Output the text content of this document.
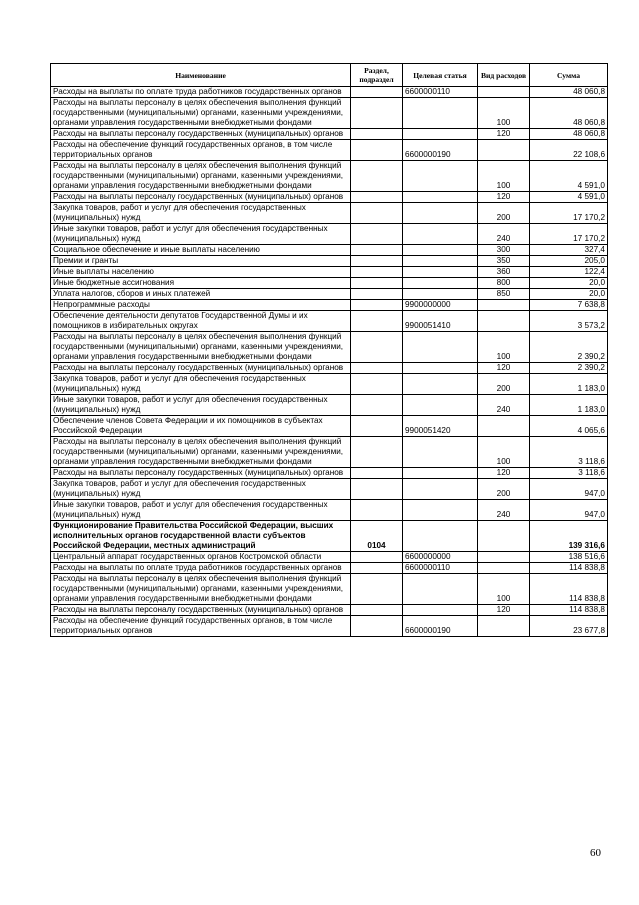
Наименование	Раздел, подраздел	Целевая статья	Вид расходов	Сумма
Расходы на выплаты по оплате труда работников государственных органов		6600000110		48 060,8
Расходы на выплаты персоналу в целях обеспечения выполнения функций государственными (муниципальными) органами, казенными учреждениями, органами управления государственными внебюджетными фондами			100	48 060,8
Расходы на выплаты персоналу государственных (муниципальных) органов			120	48 060,8
Расходы на обеспечение функций государственных органов, в том числе территориальных органов		6600000190		22 108,6
Расходы на выплаты персоналу в целях обеспечения выполнения функций государственными (муниципальными) органами, казенными учреждениями, органами управления государственными внебюджетными фондами			100	4 591,0
Расходы на выплаты персоналу государственных (муниципальных) органов			120	4 591,0
Закупка товаров, работ и услуг для обеспечения государственных (муниципальных) нужд			200	17 170,2
Иные закупки товаров, работ и услуг для обеспечения государственных (муниципальных) нужд			240	17 170,2
Социальное обеспечение и иные выплаты населению			300	327,4
Премии и гранты			350	205,0
Иные выплаты населению			360	122,4
Иные бюджетные ассигнования			800	20,0
Уплата налогов, сборов и иных платежей			850	20,0
Непрограммные расходы		9900000000		7 638,8
Обеспечение деятельности депутатов Государственной Думы и их помощников в избирательных округах		9900051410		3 573,2
Расходы на выплаты персоналу в целях обеспечения выполнения функций государственными (муниципальными) органами, казенными учреждениями, органами управления государственными внебюджетными фондами			100	2 390,2
Расходы на выплаты персоналу государственных (муниципальных) органов			120	2 390,2
Закупка товаров, работ и услуг для обеспечения государственных (муниципальных) нужд			200	1 183,0
Иные закупки товаров, работ и услуг для обеспечения государственных (муниципальных) нужд			240	1 183,0
Обеспечение членов Совета Федерации и их помощников в субъектах Российской Федерации		9900051420		4 065,6
Расходы на выплаты персоналу в целях обеспечения выполнения функций государственными (муниципальными) органами, казенными учреждениями, органами управления государственными внебюджетными фондами			100	3 118,6
Расходы на выплаты персоналу государственных (муниципальных) органов			120	3 118,6
Закупка товаров, работ и услуг для обеспечения государственных (муниципальных) нужд			200	947,0
Иные закупки товаров, работ и услуг для обеспечения государственных (муниципальных) нужд			240	947,0
Функционирование Правительства Российской Федерации, высших исполнительных органов государственной власти субъектов Российской Федерации, местных администраций	0104			139 316,6
Центральный аппарат государственных органов Костромской области		6600000000		138 516,6
Расходы на выплаты по оплате труда работников государственных органов		6600000110		114 838,8
Расходы на выплаты персоналу в целях обеспечения выполнения функций государственными (муниципальными) органами, казенными учреждениями, органами управления государственными внебюджетными фондами			100	114 838,8
Расходы на выплаты персоналу государственных (муниципальных) органов			120	114 838,8
Расходы на обеспечение функций государственных органов, в том числе территориальных органов		6600000190		23 677,8
60
